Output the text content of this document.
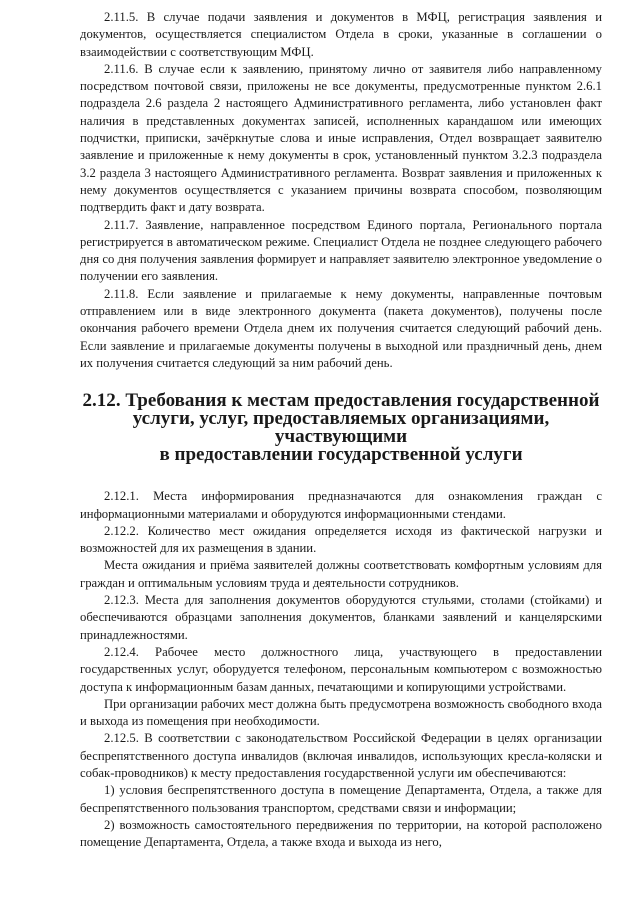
2.11.5. В случае подачи заявления и документов в МФЦ, регистрация заявления и документов, осуществляется специалистом Отдела в сроки, указанные в соглашении о взаимодействии с соответствующим МФЦ.

2.11.6. В случае если к заявлению, принятому лично от заявителя либо направленному посредством почтовой связи, приложены не все документы, предусмотренные пунктом 2.6.1 подраздела 2.6 раздела 2 настоящего Административного регламента, либо установлен факт наличия в представленных документах записей, исполненных карандашом или имеющих подчистки, приписки, зачёркнутые слова и иные исправления, Отдел возвращает заявителю заявление и приложенные к нему документы в срок, установленный пунктом 3.2.3 подраздела 3.2 раздела 3 настоящего Административного регламента. Возврат заявления и приложенных к нему документов осуществляется с указанием причины возврата способом, позволяющим подтвердить факт и дату возврата.

2.11.7. Заявление, направленное посредством Единого портала, Регионального портала регистрируется в автоматическом режиме. Специалист Отдела не позднее следующего рабочего дня со дня получения заявления формирует и направляет заявителю электронное уведомление о получении его заявления.

2.11.8. Если заявление и прилагаемые к нему документы, направленные почтовым отправлением или в виде электронного документа (пакета документов), получены после окончания рабочего времени Отдела днем их получения считается следующий рабочий день. Если заявление и прилагаемые документы получены в выходной или праздничный день, днем их получения считается следующий за ним рабочий день.

2.12. Требования к местам предоставления государственной
услуги, услуг, предоставляемых организациями, участвующими
в предоставлении государственной услуги

2.12.1. Места информирования предназначаются для ознакомления граждан с информационными материалами и оборудуются информационными стендами.

2.12.2. Количество мест ожидания определяется исходя из фактической нагрузки и возможностей для их размещения в здании.

Места ожидания и приёма заявителей должны соответствовать комфортным условиям для граждан и оптимальным условиям труда и деятельности сотрудников.

2.12.3. Места для заполнения документов оборудуются стульями, столами (стойками) и обеспечиваются образцами заполнения документов, бланками заявлений и канцелярскими принадлежностями.

2.12.4. Рабочее место должностного лица, участвующего в предоставлении государственных услуг, оборудуется телефоном, персональным компьютером с возможностью доступа к информационным базам данных, печатающими и копирующими устройствами.

При организации рабочих мест должна быть предусмотрена возможность свободного входа и выхода из помещения при необходимости.

2.12.5. В соответствии с законодательством Российской Федерации в целях организации беспрепятственного доступа инвалидов (включая инвалидов, использующих кресла-коляски и собак-проводников) к месту предоставления государственной услуги им обеспечиваются:

1) условия беспрепятственного доступа в помещение Департамента, Отдела, а также для беспрепятственного пользования транспортом, средствами связи и информации;

2) возможность самостоятельного передвижения по территории, на которой расположено помещение Департамента, Отдела, а также входа и выхода из него,
